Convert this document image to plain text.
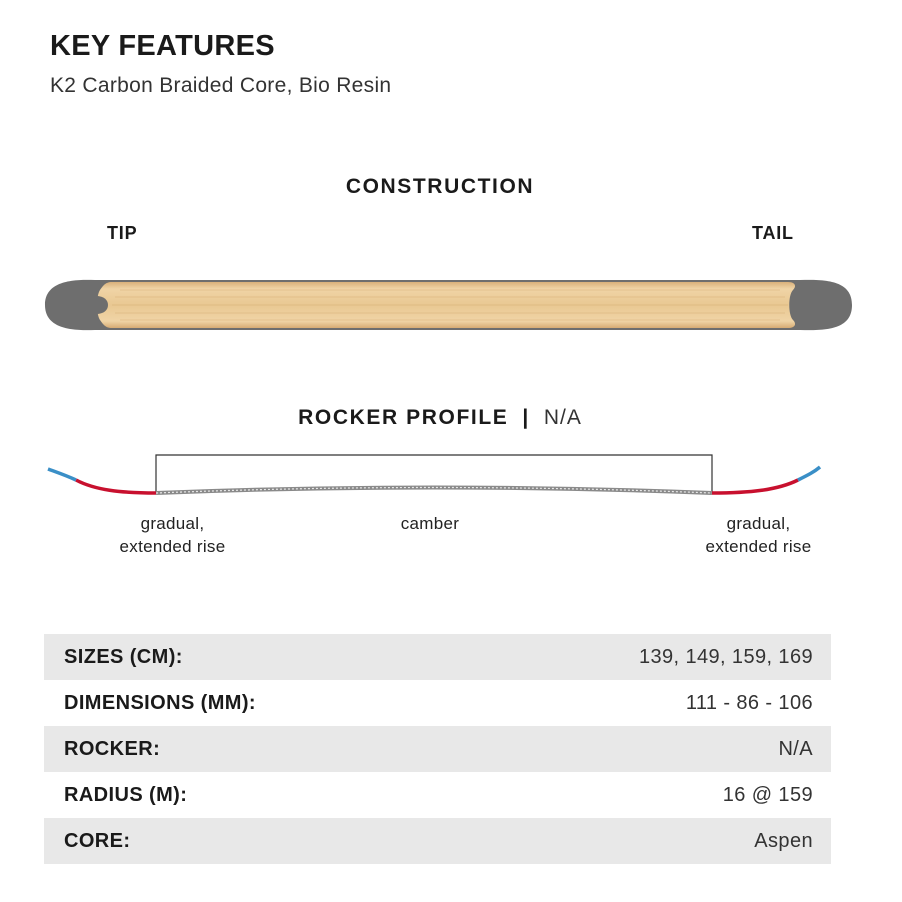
KEY FEATURES

K2 Carbon Braided Core, Bio Resin

CONSTRUCTION
TIP	TAIL
ROCKER PROFILE | N/A
gradual,
extended rise
camber	gradual,
extended rise
SIZES (CM):	139, 149, 159, 169
DIMENSIONS (MM):	111 - 86 - 106
ROCKER:	N/A
RADIUS (M):	16 @ 159
CORE:	Aspen
